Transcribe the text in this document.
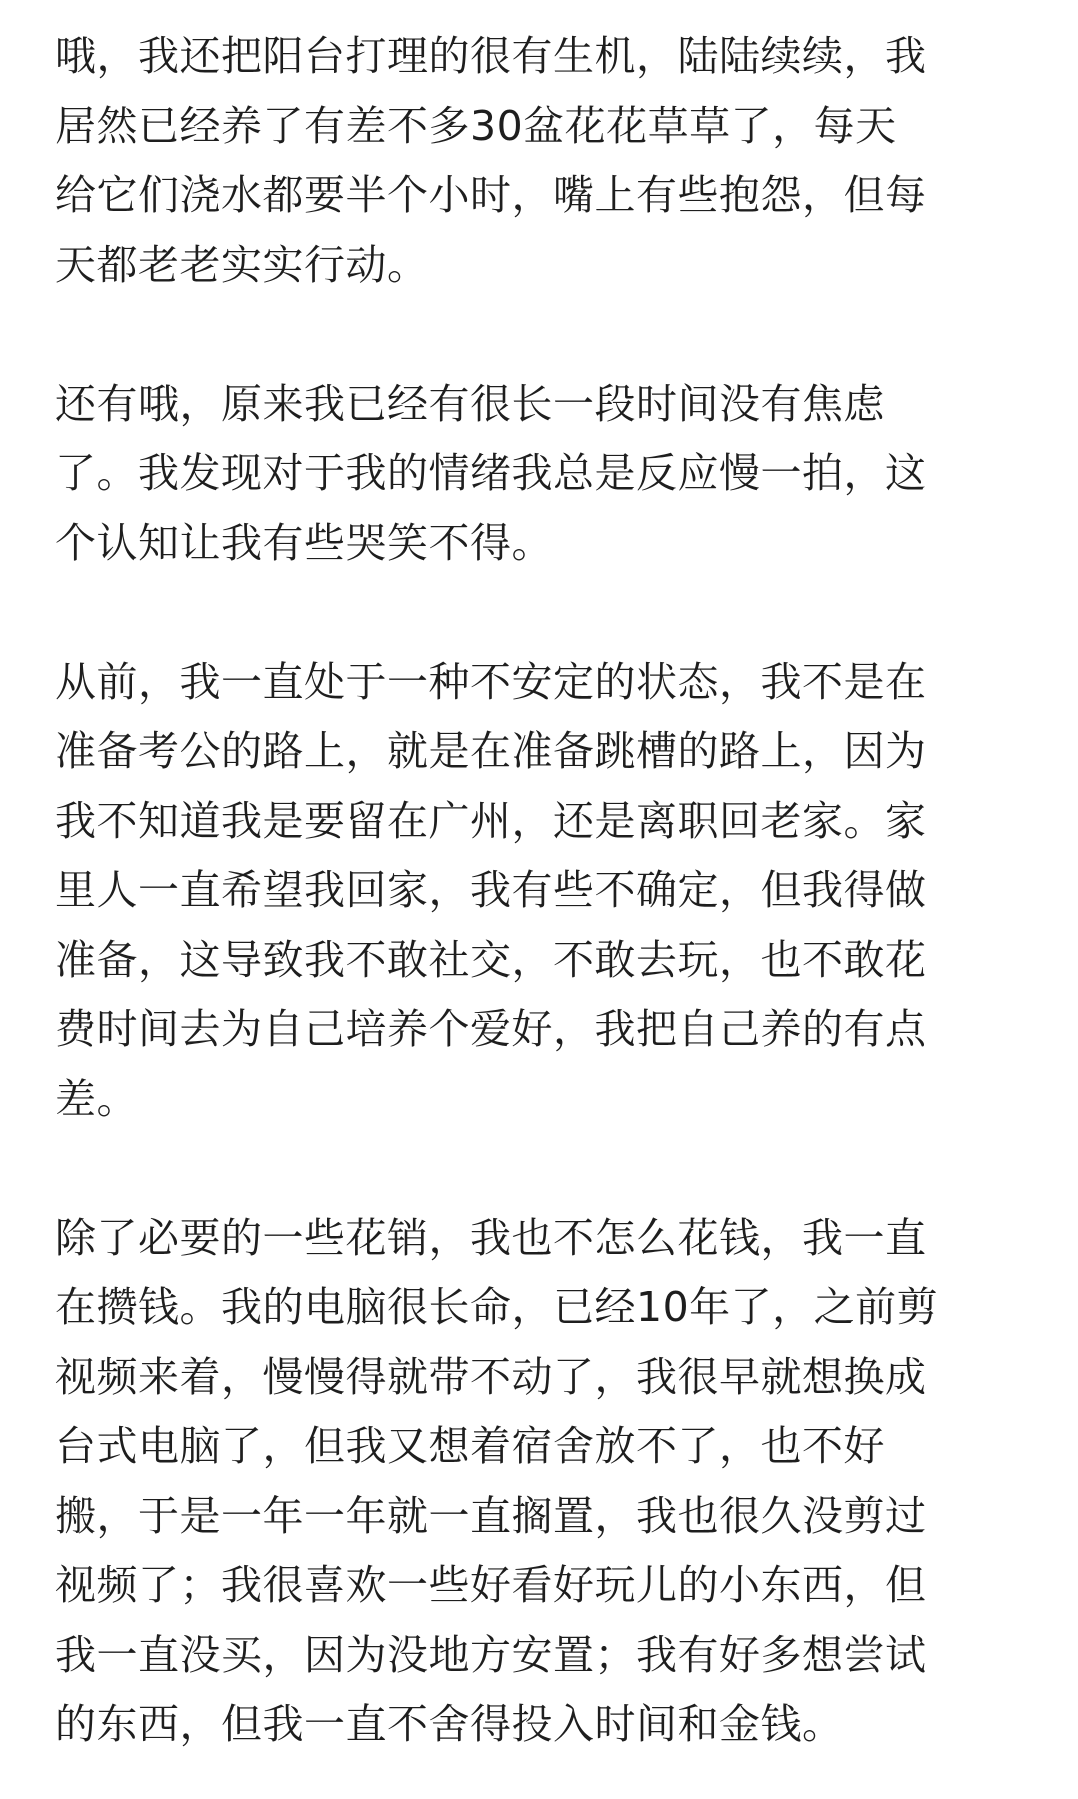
哦，我还把阳台打理的很有生机，陆陆续续，我
居然已经养了有差不多30盆花花草草了，每天
给它们浇水都要半个小时，嘴上有些抱怨，但每
天都老老实实行动。
还有哦，原来我已经有很长一段时间没有焦虑
了。我发现对于我的情绪我总是反应慢一拍，这
个认知让我有些哭笑不得。
从前，我一直处于一种不安定的状态，我不是在
准备考公的路上，就是在准备跳槽的路上，因为
我不知道我是要留在广州，还是离职回老家。家
里人一直希望我回家，我有些不确定，但我得做
准备，这导致我不敢社交，不敢去玩，也不敢花
费时间去为自己培养个爱好，我把自己养的有点
差。
除了必要的一些花销，我也不怎么花钱，我一直
在攒钱。我的电脑很长命，已经10年了，之前剪
视频来着，慢慢得就带不动了，我很早就想换成
台式电脑了，但我又想着宿舍放不了，也不好
搬，于是一年一年就一直搁置，我也很久没剪过
视频了；我很喜欢一些好看好玩儿的小东西，但
我一直没买，因为没地方安置；我有好多想尝试
的东西，但我一直不舍得投入时间和金钱。
